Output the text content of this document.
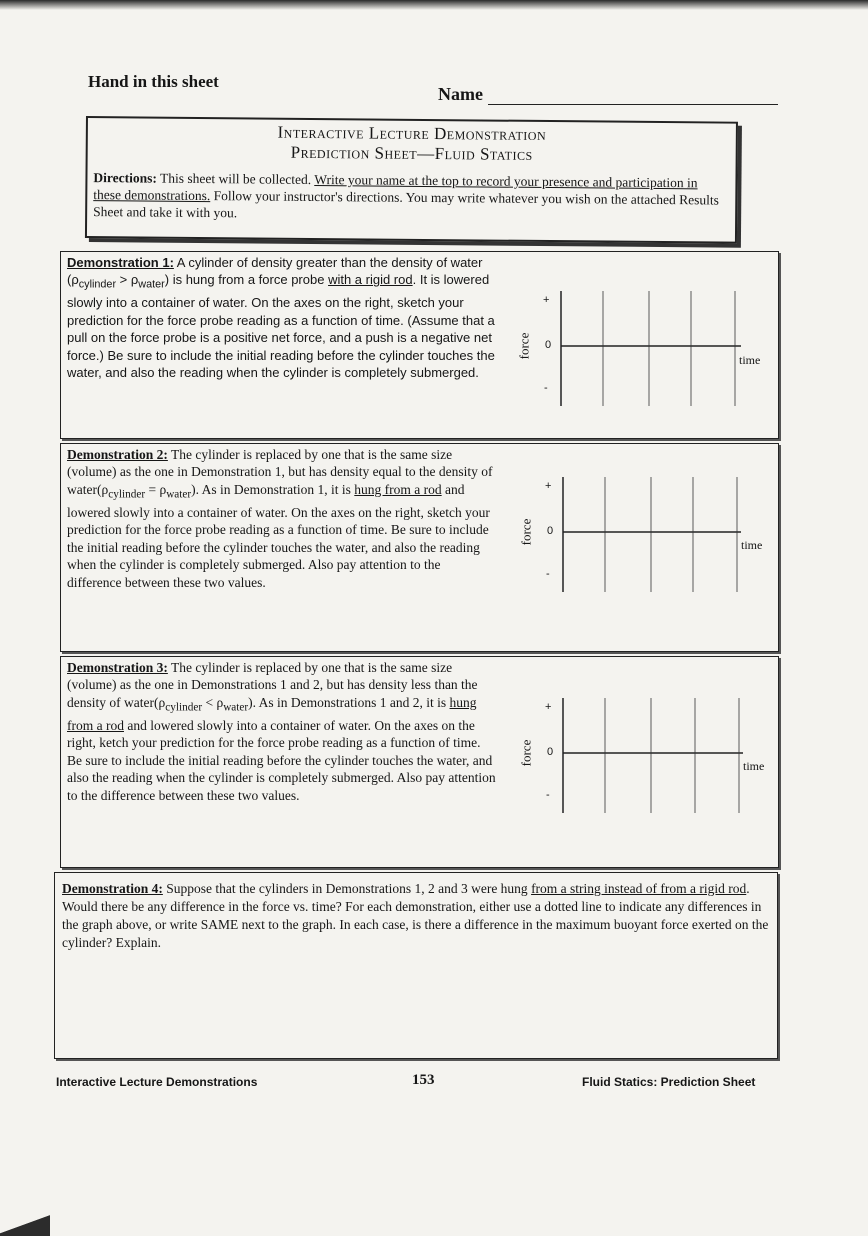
Hand in this sheet
Name
Interactive Lecture Demonstration
Prediction Sheet—Fluid Statics
Directions: This sheet will be collected. Write your name at the top to record your presence and participation in these demonstrations. Follow your instructor's directions. You may write whatever you wish on the attached Results Sheet and take it with you.
Demonstration 1: A cylinder of density greater than the density of water $(\rho_{cylinder} > \rho_{water})$ is hung from a force probe with a rigid rod. It is lowered slowly into a container of water. On the axes on the right, sketch your prediction for the force probe reading as a function of time. (Assume that a pull on the force probe is a positive net force, and a push is a negative net force.) Be sure to include the initial reading before the cylinder touches the water, and also the reading when the cylinder is completely submerged.
+
0
-
force
time
Demonstration 2: The cylinder is replaced by one that is the same size (volume) as the one in Demonstration 1, but has density equal to the density of $water(\rho_{cylinder} = \rho_{water})$. As in Demonstration 1, it is hung from a rod and lowered slowly into a container of water. On the axes on the right, sketch your prediction for the force probe reading as a function of time. Be sure to include the initial reading before the cylinder touches the water, and also the reading when the cylinder is completely submerged. Also pay attention to the difference between these two values.
+
0
-
force	time
Demonstration 3: The cylinder is replaced by one that is the same size (volume) as the one in Demonstrations 1 and 2, but has density less than the density of $water(\rho_{cylinder} < \rho_{water})$. As in Demonstrations 1 and 2, it is hung from a rod and lowered slowly into a container of water. On the axes on the right, ketch your prediction for the force probe reading as a function of time. Be sure to include the initial reading before the cylinder touches the water, and also the reading when the cylinder is completely submerged. Also pay attention to the difference between these two values.
+
0
-
force	time
Demonstration 4: Suppose that the cylinders in Demonstrations 1, 2 and 3 were hung from a string instead of from a rigid rod. Would there be any difference in the force vs. time? For each demonstration, either use a dotted line to indicate any differences in the graph above, or write SAME next to the graph. In each case, is there a difference in the maximum buoyant force exerted on the cylinder? Explain.
Interactive Lecture Demonstrations	153	Fluid Statics: Prediction Sheet
